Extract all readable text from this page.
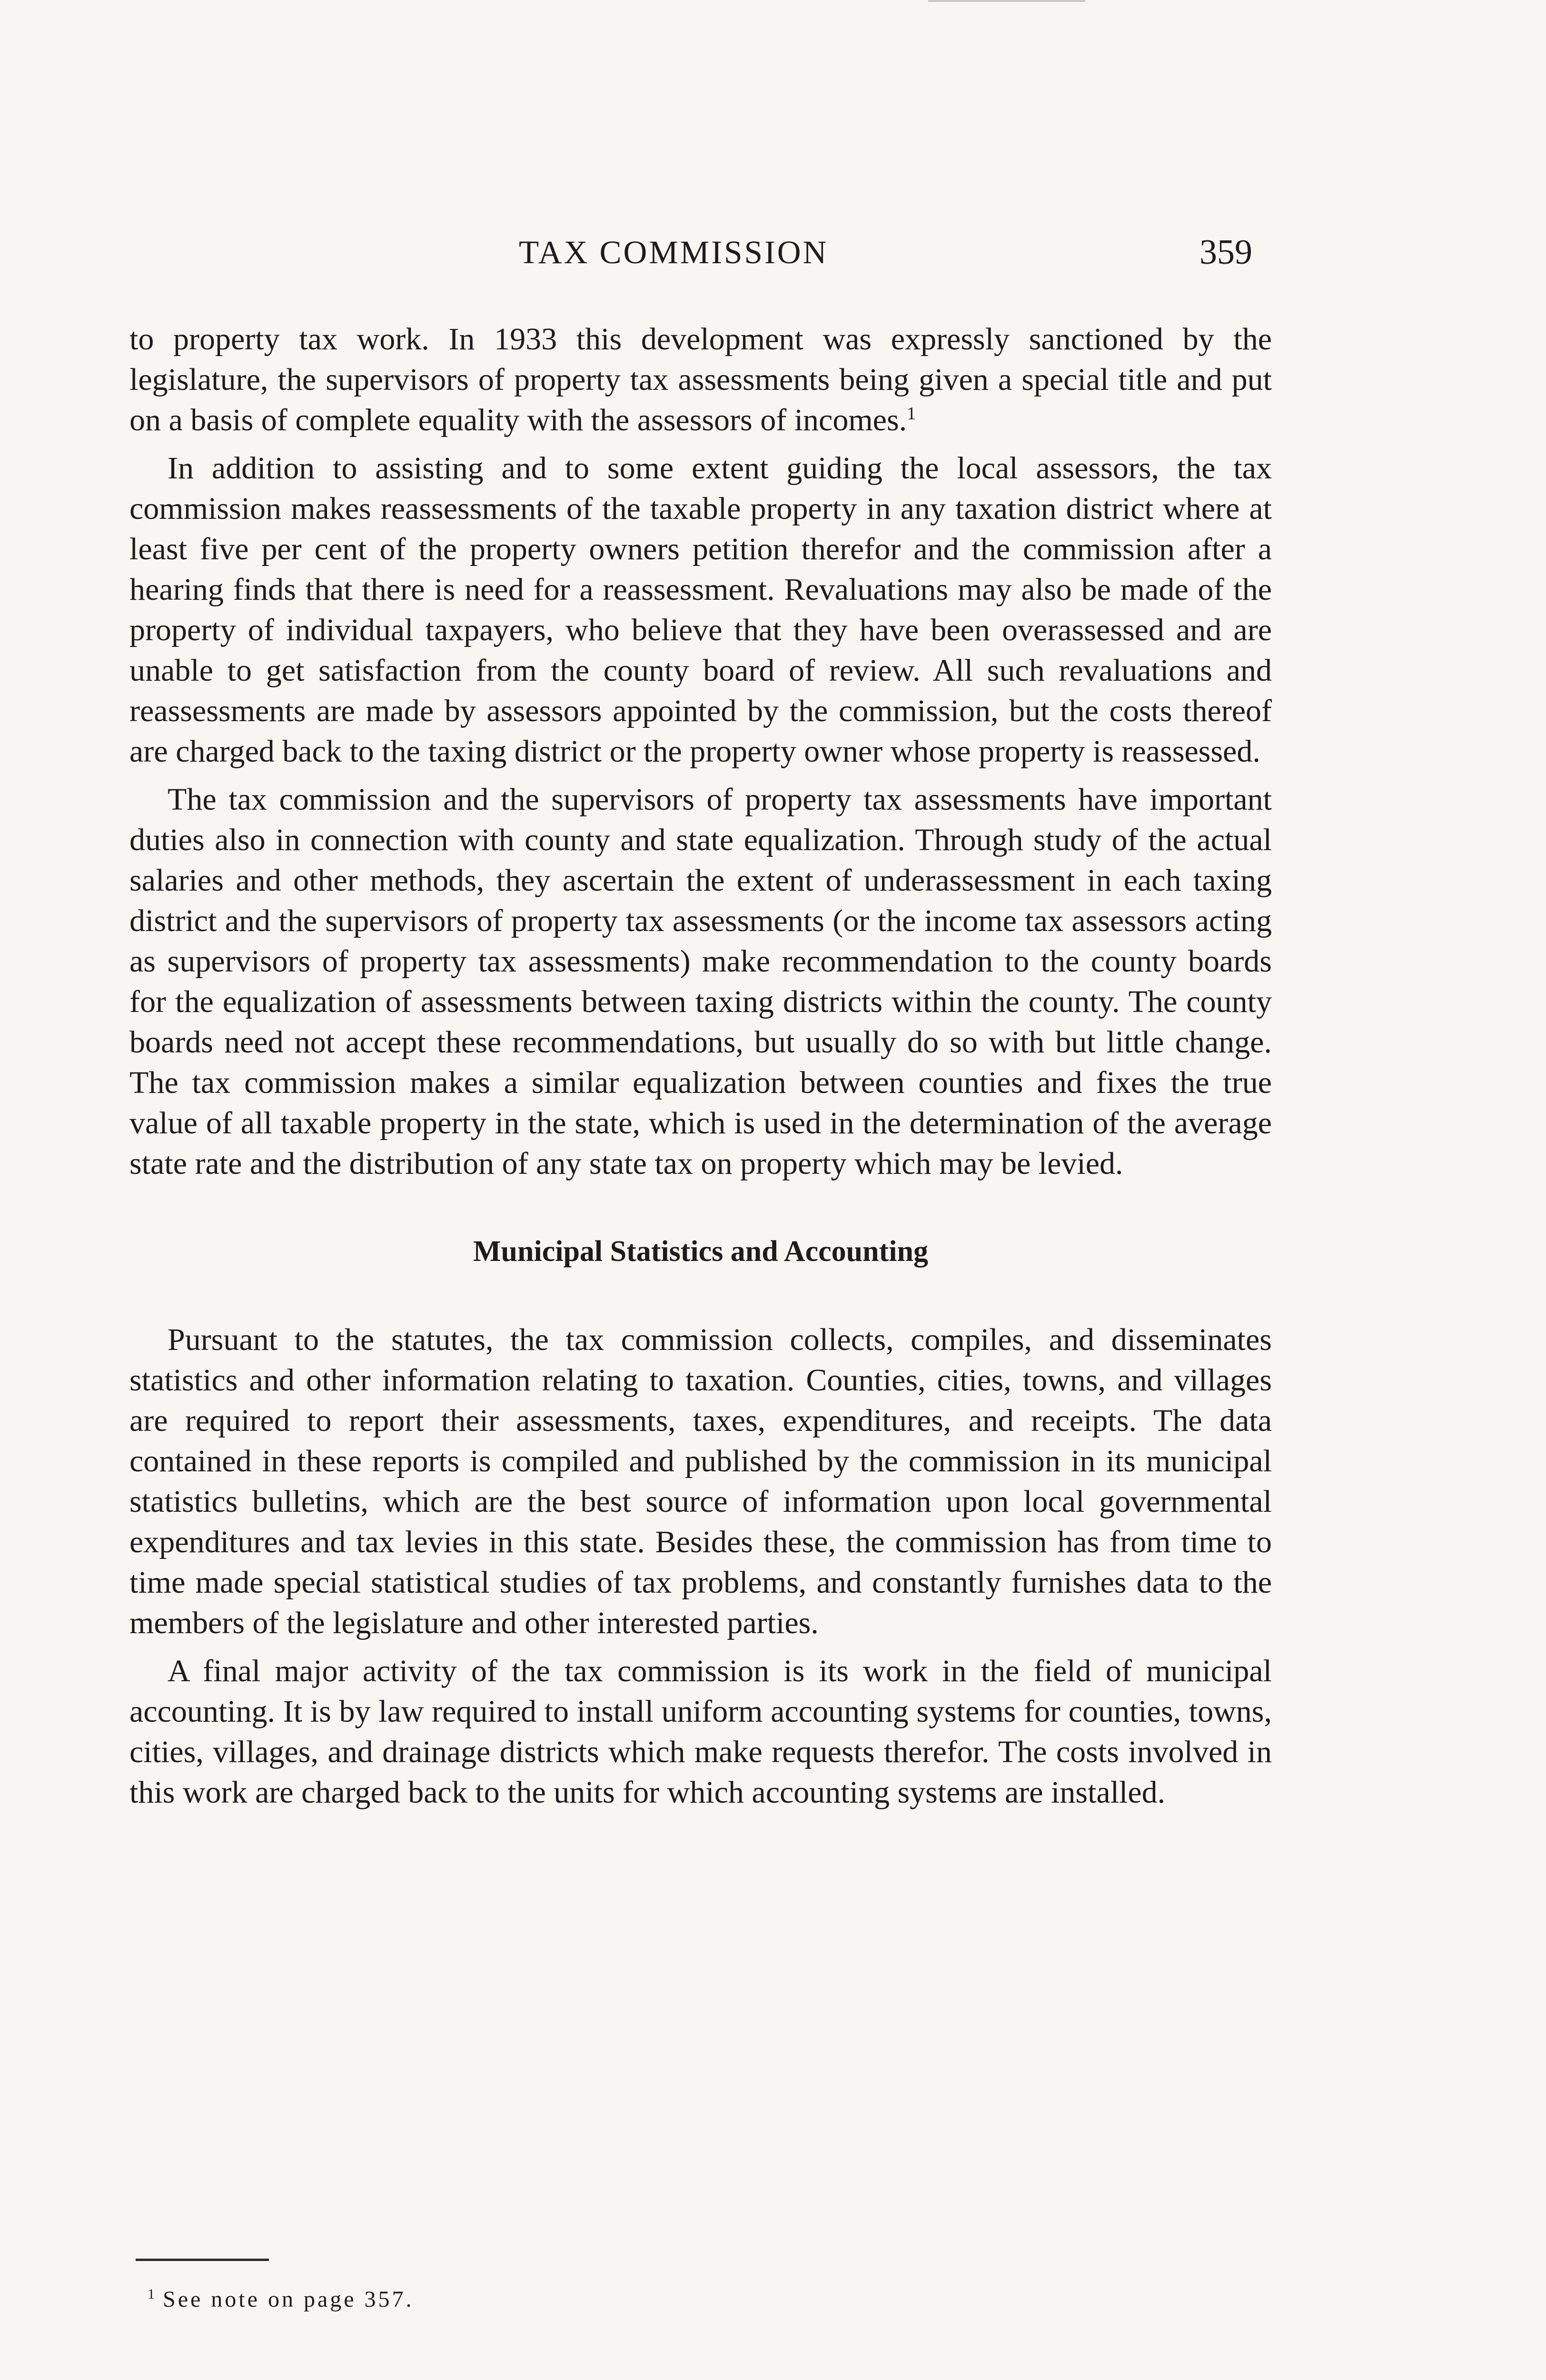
TAX COMMISSION	359

to property tax work. In 1933 this development was expressly sanctioned by the legislature, the supervisors of property tax assessments being given a special title and put on a basis of complete equality with the assessors of incomes.$^1$

In addition to assisting and to some extent guiding the local assessors, the tax commission makes reassessments of the taxable property in any taxation district where at least five per cent of the property owners petition therefor and the commission after a hearing finds that there is need for a reassessment. Revaluations may also be made of the property of individual taxpayers, who believe that they have been overassessed and are unable to get satisfaction from the county board of review. All such revaluations and reassessments are made by assessors appointed by the commission, but the costs thereof are charged back to the taxing district or the property owner whose property is reassessed.

The tax commission and the supervisors of property tax assessments have important duties also in connection with county and state equalization. Through study of the actual salaries and other methods, they ascertain the extent of underassessment in each taxing district and the supervisors of property tax assessments (or the income tax assessors acting as supervisors of property tax assessments) make recommendation to the county boards for the equalization of assessments between taxing districts within the county. The county boards need not accept these recommendations, but usually do so with but little change. The tax commission makes a similar equalization between counties and fixes the true value of all taxable property in the state, which is used in the determination of the average state rate and the distribution of any state tax on property which may be levied.

Municipal Statistics and Accounting

Pursuant to the statutes, the tax commission collects, compiles, and disseminates statistics and other information relating to taxation. Counties, cities, towns, and villages are required to report their assessments, taxes, expenditures, and receipts. The data contained in these reports is compiled and published by the commission in its municipal statistics bulletins, which are the best source of information upon local governmental expenditures and tax levies in this state. Besides these, the commission has from time to time made special statistical studies of tax problems, and constantly furnishes data to the members of the legislature and other interested parties.

A final major activity of the tax commission is its work in the field of municipal accounting. It is by law required to install uniform accounting systems for counties, towns, cities, villages, and drainage districts which make requests therefor. The costs involved in this work are charged back to the units for which accounting systems are installed.

$^1$ See note on page 357.
